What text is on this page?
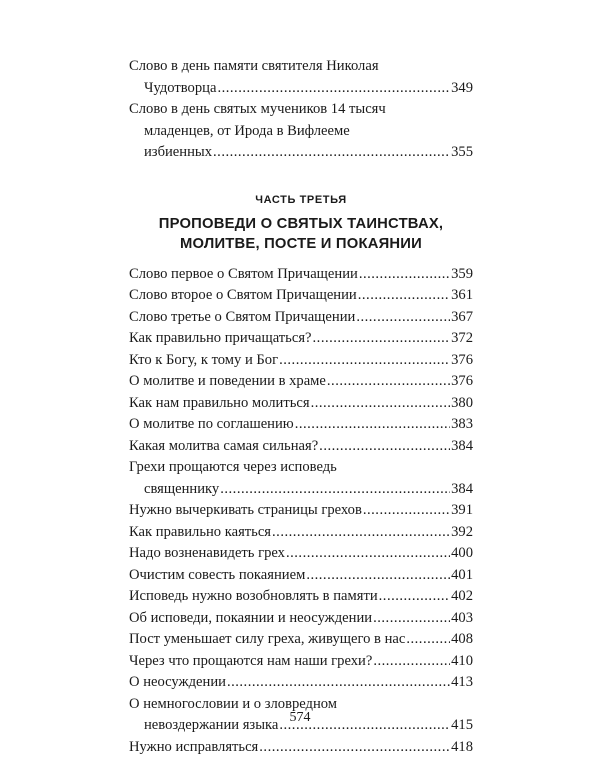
Слово в день памяти святителя Николая
Чудотворца .....	349
Слово в день святых мучеников 14 тысяч
младенцев, от Ирода в Вифлееме
избиенных .....	355
ЧАСТЬ ТРЕТЬЯ
ПРОПОВЕДИ О СВЯТЫХ ТАИНСТВАХ,
МОЛИТВЕ, ПОСТЕ И ПОКАЯНИИ
Слово первое о Святом Причащении .....	359
Слово второе о Святом Причащении .....	361
Слово третье о Святом Причащении .....	367
Как правильно причащаться? .....	372
Кто к Богу, к тому и Бог .....	376
О молитве и поведении в храме .....	376
Как нам правильно молиться .....	380
О молитве по соглашению .....	383
Какая молитва самая сильная? .....	384
Грехи прощаются через исповедь
священнику .....	384
Нужно вычеркивать страницы грехов .....	391
Как правильно каяться .....	392
Надо возненавидеть грех .....	400
Очистим совесть покаянием .....	401
Исповедь нужно возобновлять в памяти .....	402
Об исповеди, покаянии и неосуждении .....	403
Пост уменьшает силу греха, живущего в нас .....	408
Через что прощаются нам наши грехи? .....	410
О неосуждении .....	413
О немногословии и о зловредном
невоздержании языка .....	415
Нужно исправляться .....	418
574
